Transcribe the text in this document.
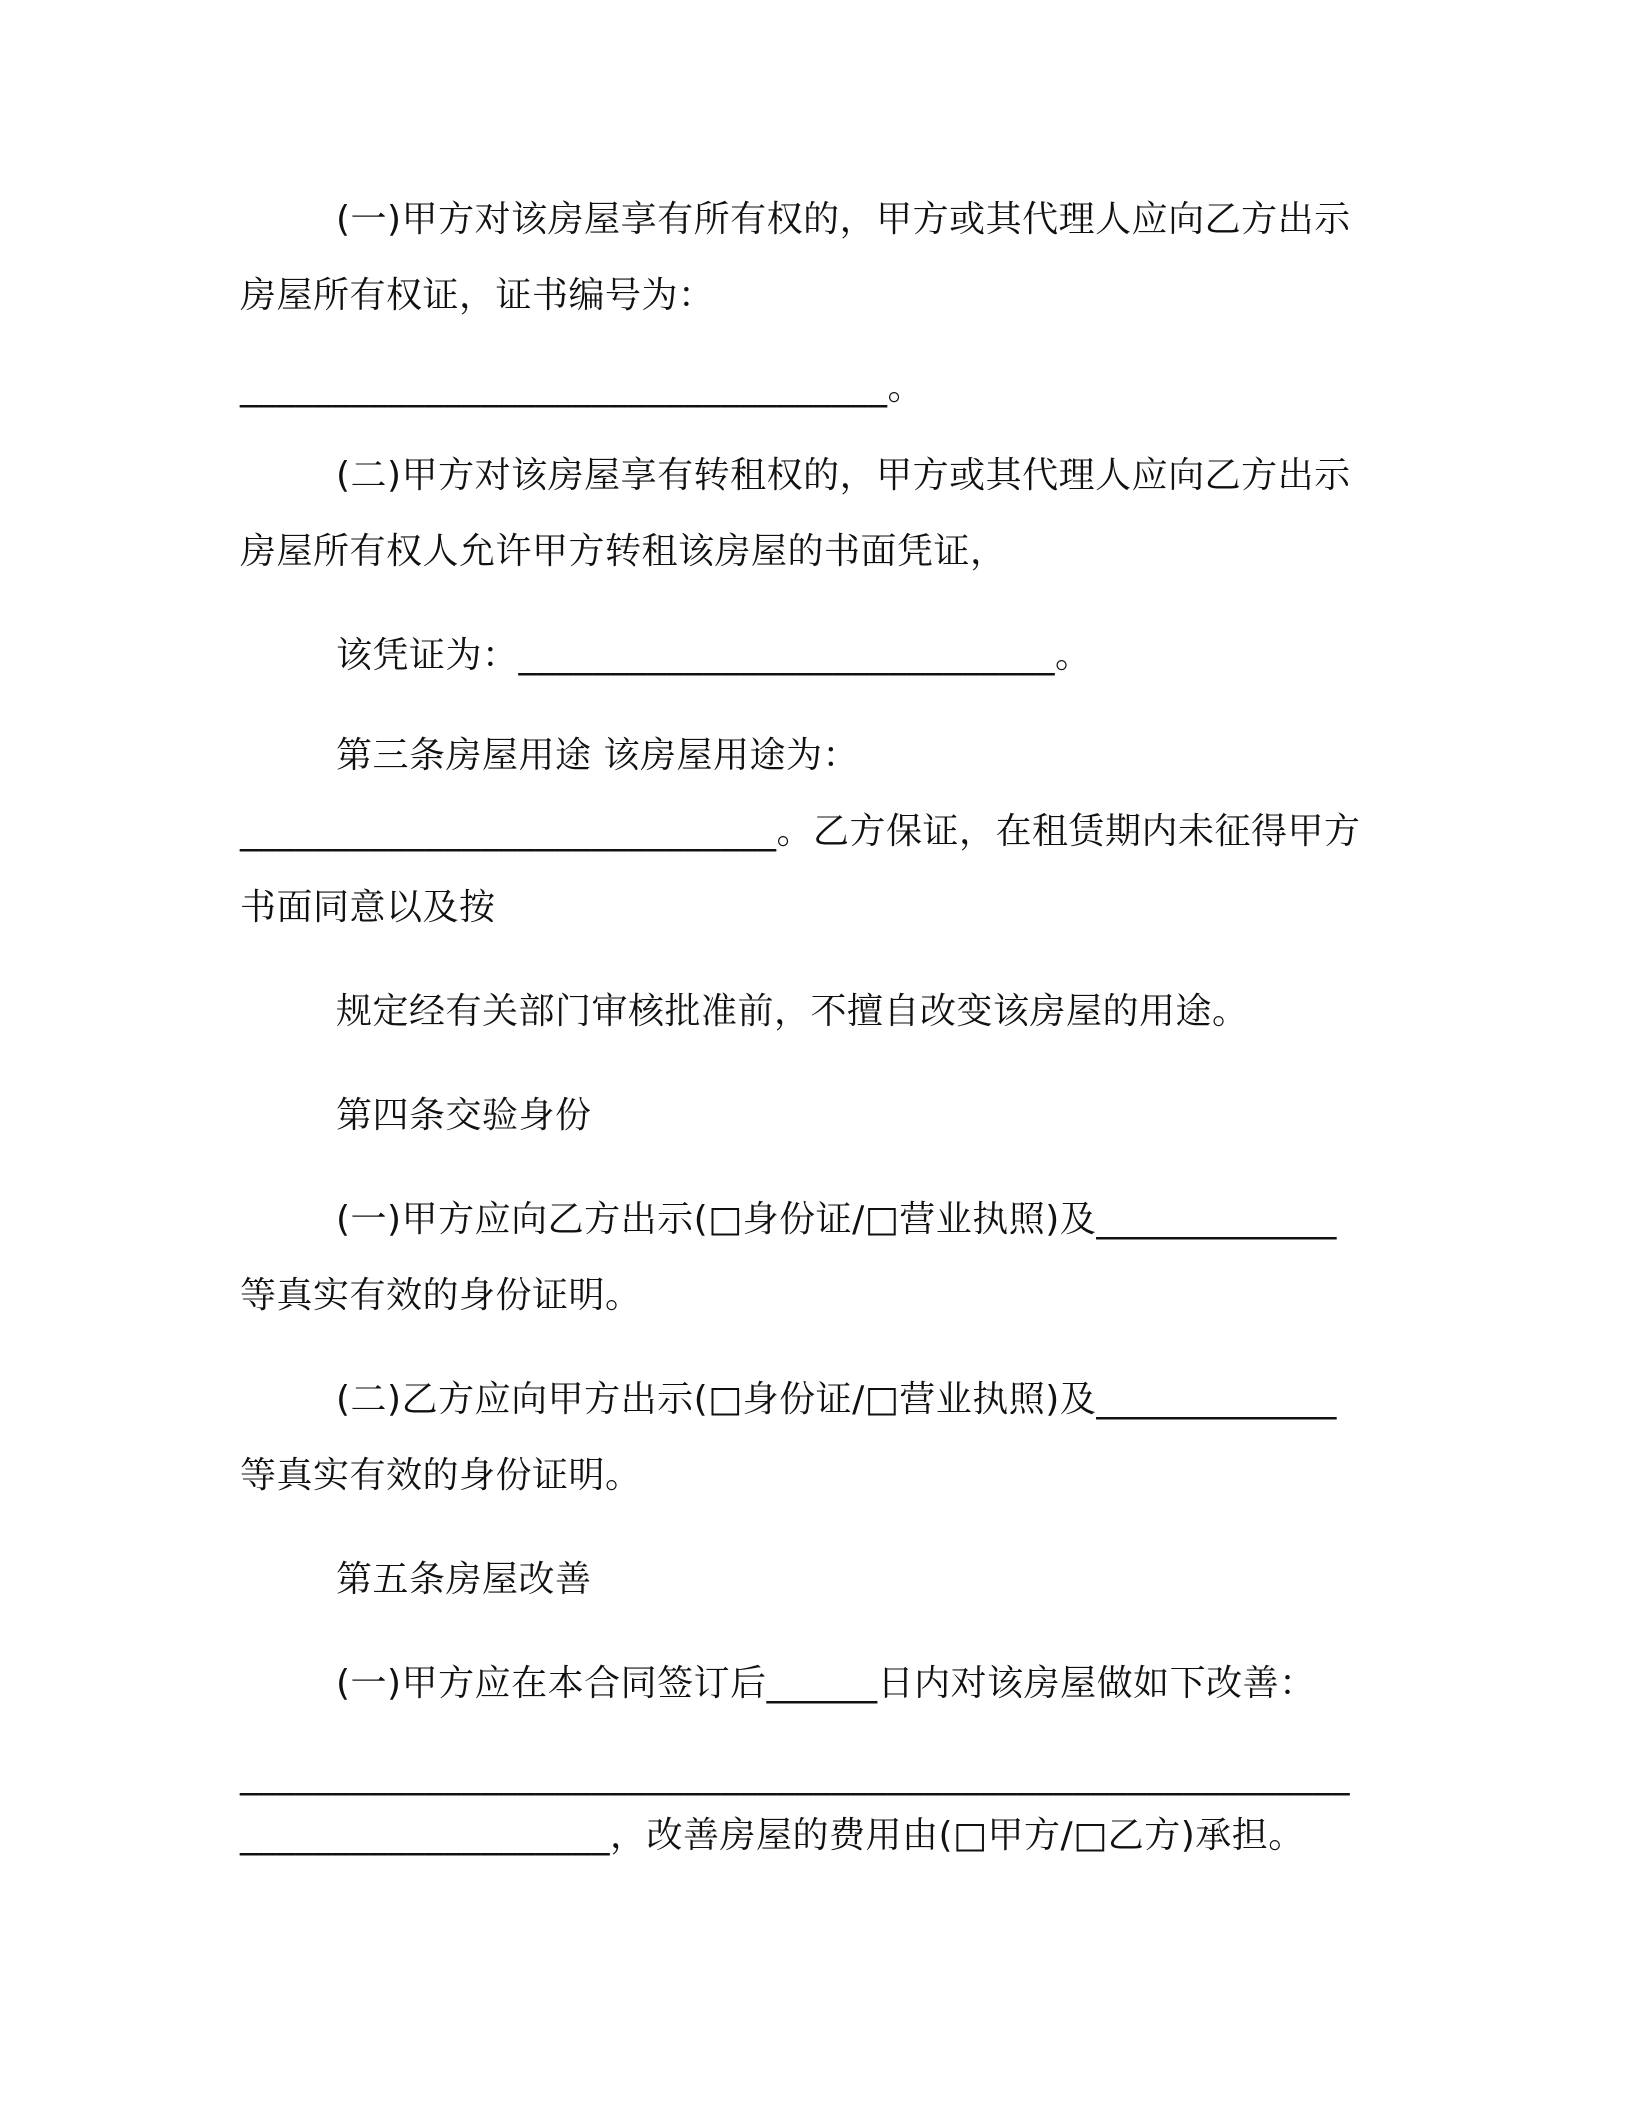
(一)甲方对该房屋享有所有权的，甲方或其代理人应向乙方出示
房屋所有权证，证书编号为：
___________________________________。
(二)甲方对该房屋享有转租权的，甲方或其代理人应向乙方出示
房屋所有权人允许甲方转租该房屋的书面凭证，
该凭证为：_____________________________。
第三条房屋用途 该房屋用途为：
_____________________________。乙方保证，在租赁期内未征得甲方
书面同意以及按
规定经有关部门审核批准前，不擅自改变该房屋的用途。
第四条交验身份
(一)甲方应向乙方出示(□身份证/□营业执照)及_____________
等真实有效的身份证明。
(二)乙方应向甲方出示(□身份证/□营业执照)及_____________
等真实有效的身份证明。
第五条房屋改善
(一)甲方应在本合同签订后______日内对该房屋做如下改善：
____________________________________________________________
____________________，改善房屋的费用由(□甲方/□乙方)承担。
